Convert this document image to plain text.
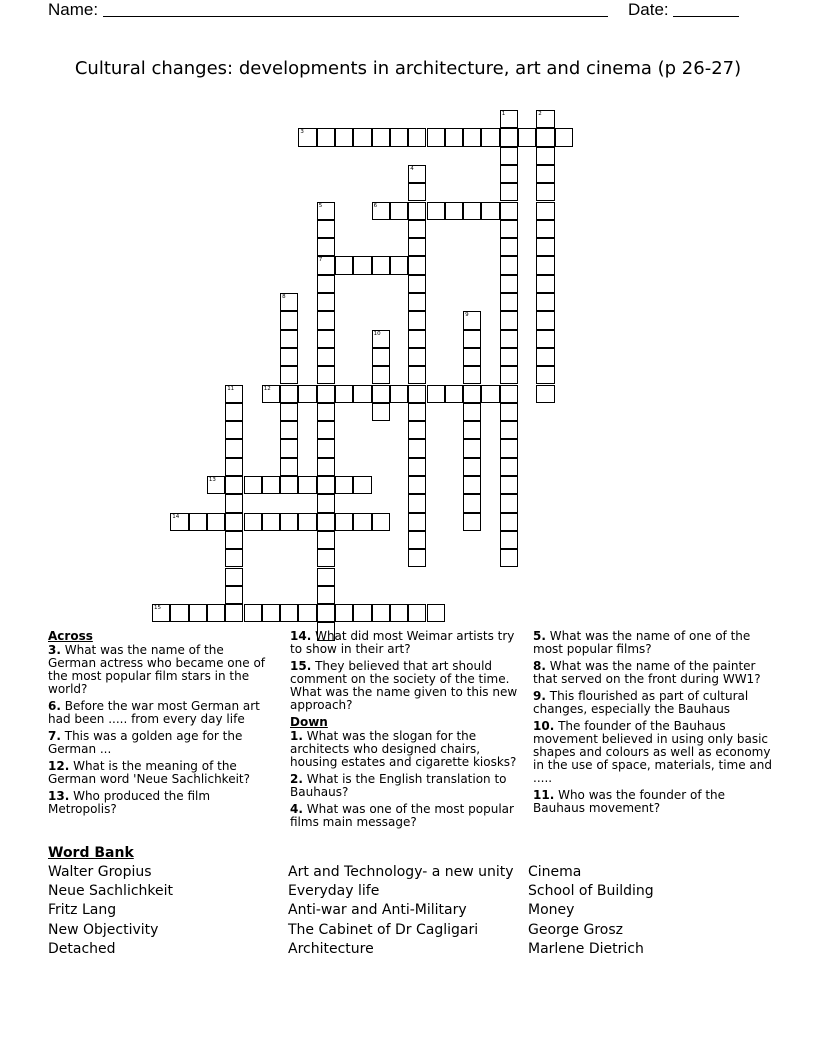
Name:	Date:
Cultural changes: developments in architecture, art and cinema (p 26-27)
1	2
3
4
5
7
6
8
9
10
11	12
13
14
15
Across
3. What was the name of the German actress who became one of the most popular film stars in the world?
6. Before the war most German art had been ..... from every day life
7. This was a golden age for the German ...
12. What is the meaning of the German word 'Neue Sachlichkeit?
13. Who produced the film Metropolis?
14. What did most Weimar artists try to show in their art?
15. They believed that art should comment on the society of the time. What was the name given to this new approach?
Down
1. What was the slogan for the architects who designed chairs, housing estates and cigarette kiosks?
2. What is the English translation to Bauhaus?
4. What was one of the most popular films main message?
5. What was the name of one of the most popular films?
8. What was the name of the painter that served on the front during WW1?
9. This flourished as part of cultural changes, especially the Bauhaus
10. The founder of the Bauhaus movement believed in using only basic shapes and colours as well as economy in the use of space, materials, time and .....
11. Who was the founder of the Bauhaus movement?
Word Bank
Walter Gropius
Neue Sachlichkeit
Fritz Lang
New Objectivity
Detached
Art and Technology- a new unity
Everyday life
Anti-war and Anti-Military
The Cabinet of Dr Cagligari
Architecture
Cinema
School of Building
Money
George Grosz
Marlene Dietrich
